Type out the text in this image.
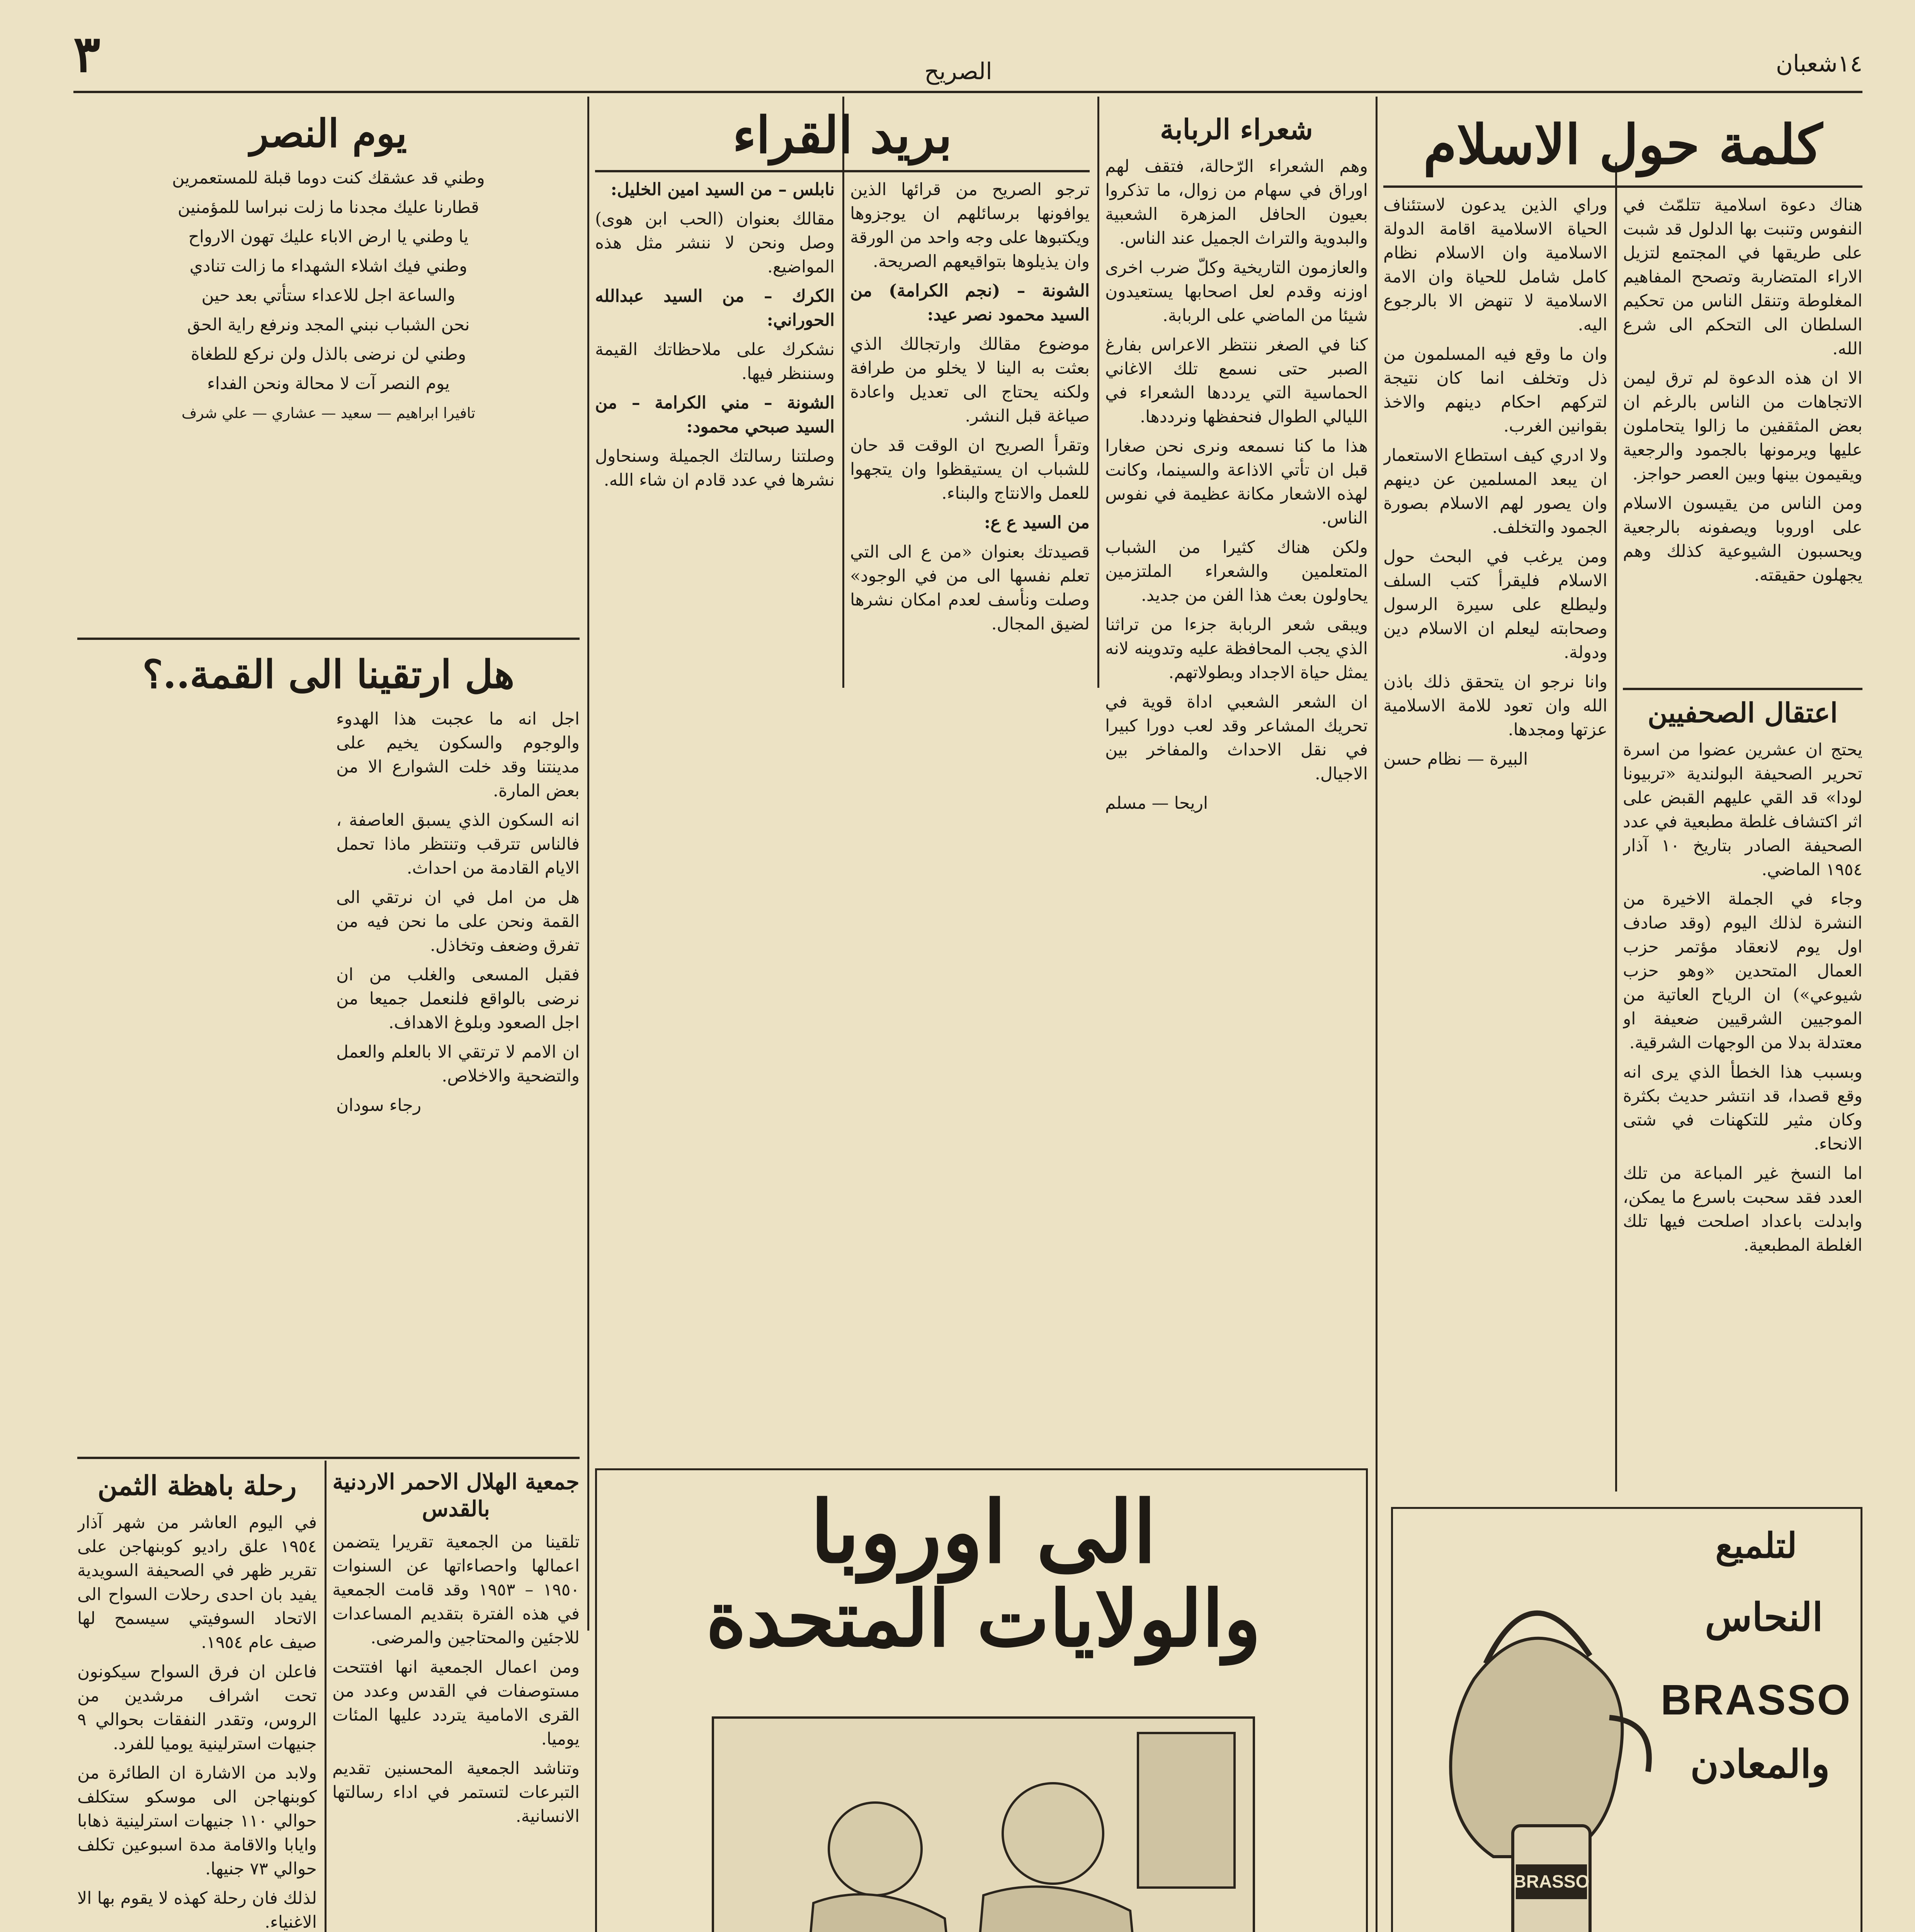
٣	الصريح	١٤شعبان
كلمة حول الاسلام

هناك دعوة اسلامية تتلمّث في النفوس وتنبت بها الدلول قد شبت على طريقها في المجتمع لتزيل الاراء المتضاربة وتصحح المفاهيم المغلوطة وتنقل الناس من تحكيم السلطان الى التحكم الى شرع الله.

الا ان هذه الدعوة لم ترق ليمن الاتجاهات من الناس بالرغم ان بعض المثقفين ما زالوا يتحاملون عليها ويرمونها بالجمود والرجعية ويقيمون بينها وبين العصر حواجز.

ومن الناس من يقيسون الاسلام على اوروبا ويصفونه بالرجعية ويحسبون الشيوعية كذلك وهم يجهلون حقيقته.

وراي الذين يدعون لاستئناف الحياة الاسلامية اقامة الدولة الاسلامية وان الاسلام نظام كامل شامل للحياة وان الامة الاسلامية لا تنهض الا بالرجوع اليه.

وان ما وقع فيه المسلمون من ذل وتخلف انما كان نتيجة لتركهم احكام دينهم والاخذ بقوانين الغرب.

ولا ادري كيف استطاع الاستعمار ان يبعد المسلمين عن دينهم وان يصور لهم الاسلام بصورة الجمود والتخلف.

ومن يرغب في البحث حول الاسلام فليقرأ كتب السلف وليطلع على سيرة الرسول وصحابته ليعلم ان الاسلام دين ودولة.

وانا نرجو ان يتحقق ذلك باذن الله وان تعود للامة الاسلامية عزتها ومجدها.

البيرة — نظام حسن

اعتقال الصحفيين

يحتج ان عشرين عضوا من اسرة تحرير الصحيفة البولندية «تربيونا لودا» قد القي عليهم القبض على اثر اكتشاف غلطة مطبعية في عدد الصحيفة الصادر بتاريخ ١٠ آذار ١٩٥٤ الماضي.

وجاء في الجملة الاخيرة من النشرة لذلك اليوم (وقد صادف اول يوم لانعقاد مؤتمر حزب العمال المتحدين «وهو حزب شيوعي») ان الرياح العاتية من الموجيين الشرقيين ضعيفة او معتدلة بدلا من الوجهات الشرقية.

وبسبب هذا الخطأ الذي يرى انه وقع قصدا، قد انتشر حديث بكثرة وكان مثير للتكهنات في شتى الانحاء.

اما النسخ غير المباعة من تلك العدد فقد سحبت باسرع ما يمكن، وابدلت باعداد اصلحت فيها تلك الغلطة المطبعية.

شعراء الربابة

وهم الشعراء الرّحالة، فتقف لهم اوراق في سهام من زوال، ما تذكروا بعيون الحافل المزهرة الشعبية والبدوية والتراث الجميل عند الناس.

والعازمون التاريخية وكلّ ضرب اخرى اوزنه وقدم لعل اصحابها يستعيدون شيئا من الماضي على الربابة.

كنا في الصغر ننتظر الاعراس بفارغ الصبر حتى نسمع تلك الاغاني الحماسية التي يرددها الشعراء في الليالي الطوال فنحفظها ونرددها.

هذا ما كنا نسمعه ونرى نحن صغارا قبل ان تأتي الاذاعة والسينما، وكانت لهذه الاشعار مكانة عظيمة في نفوس الناس.

ولكن هناك كثيرا من الشباب المتعلمين والشعراء الملتزمين يحاولون بعث هذا الفن من جديد.

ويبقى شعر الربابة جزءا من تراثنا الذي يجب المحافظة عليه وتدوينه لانه يمثل حياة الاجداد وبطولاتهم.

ان الشعر الشعبي اداة قوية في تحريك المشاعر وقد لعب دورا كبيرا في نقل الاحداث والمفاخر بين الاجيال.

اريحا — مسلم

بريد القراء

ترجو الصريح من قرائها الذين يوافونها برسائلهم ان يوجزوها ويكتبوها على وجه واحد من الورقة وان يذيلوها بتواقيعهم الصريحة.

الشونة – (نجم الكرامة) من السيد محمود نصر عيد:

موضوع مقالك وارتجالك الذي بعثت به الينا لا يخلو من طرافة ولكنه يحتاج الى تعديل واعادة صياغة قبل النشر.

وتقرأ الصريح ان الوقت قد حان للشباب ان يستيقظوا وان يتجهوا للعمل والانتاج والبناء.

من السيد ع ع:

قصيدتك بعنوان «من ع الى التي تعلم نفسها الى من في الوجود» وصلت ونأسف لعدم امكان نشرها لضيق المجال.

نابلس – من السيد امين الخليل:

مقالك بعنوان (الحب ابن هوى) وصل ونحن لا ننشر مثل هذه المواضيع.

الكرك – من السيد عبدالله الحوراني:

نشكرك على ملاحظاتك القيمة وسننظر فيها.

الشونة – مني الكرامة – من السيد صبحي محمود:

وصلتنا رسالتك الجميلة وسنحاول نشرها في عدد قادم ان شاء الله.

يوم النصر

وطني قد عشقك كنت دوما قبلة للمستعمرين

قطارنا عليك مجدنا ما زلت نبراسا للمؤمنين

يا وطني يا ارض الاباء عليك تهون الارواح

وطني فيك اشلاء الشهداء ما زالت تنادي

والساعة اجل للاعداء ستأتي بعد حين

نحن الشباب نبني المجد ونرفع راية الحق

وطني لن نرضى بالذل ولن نركع للطغاة

يوم النصر آت لا محالة ونحن الفداء

تافيرا ابراهيم — سعيد — عشاري — علي شرف

هل ارتقينا الى القمة..؟

اجل انه ما عجبت هذا الهدوء والوجوم والسكون يخيم على مدينتنا وقد خلت الشوارع الا من بعض المارة.

انه السكون الذي يسبق العاصفة ، فالناس تترقب وتنتظر ماذا تحمل الايام القادمة من احداث.

هل من امل في ان نرتقي الى القمة ونحن على ما نحن فيه من تفرق وضعف وتخاذل.

فقبل المسعى والغلب من ان نرضى بالواقع فلنعمل جميعا من اجل الصعود وبلوغ الاهداف.

ان الامم لا ترتقي الا بالعلم والعمل والتضحية والاخلاص.

رجاء سودان

رحلة باهظة الثمن

في اليوم العاشر من شهر آذار ١٩٥٤ علق راديو كوبنهاجن على تقرير ظهر في الصحيفة السويدية يفيد بان احدى رحلات السواح الى الاتحاد السوفيتي سيسمح لها صيف عام ١٩٥٤.

فاعلن ان فرق السواح سيكونون تحت اشراف مرشدين من الروس، وتقدر النفقات بحوالي ٩ جنيهات استرلينية يوميا للفرد.

ولابد من الاشارة ان الطائرة من كوبنهاجن الى موسكو ستكلف حوالي ١١٠ جنيهات استرلينية ذهابا وايابا والاقامة مدة اسبوعين تكلف حوالي ٧٣ جنيها.

لذلك فان رحلة كهذه لا يقوم بها الا الاغنياء.

جمعية الهلال الاحمر الاردنية بالقدس

تلقينا من الجمعية تقريرا يتضمن اعمالها واحصاءاتها عن السنوات ١٩٥٠ – ١٩٥٣ وقد قامت الجمعية في هذه الفترة بتقديم المساعدات للاجئين والمحتاجين والمرضى.

ومن اعمال الجمعية انها افتتحت مستوصفات في القدس وعدد من القرى الامامية يتردد عليها المئات يوميا.

وتناشد الجمعية المحسنين تقديم التبرعات لتستمر في اداء رسالتها الانسانية.

لتلميع
النحاس
BRASSO
والمعادن
BRASSO
الى اوروبا
والولايات المتحدة
